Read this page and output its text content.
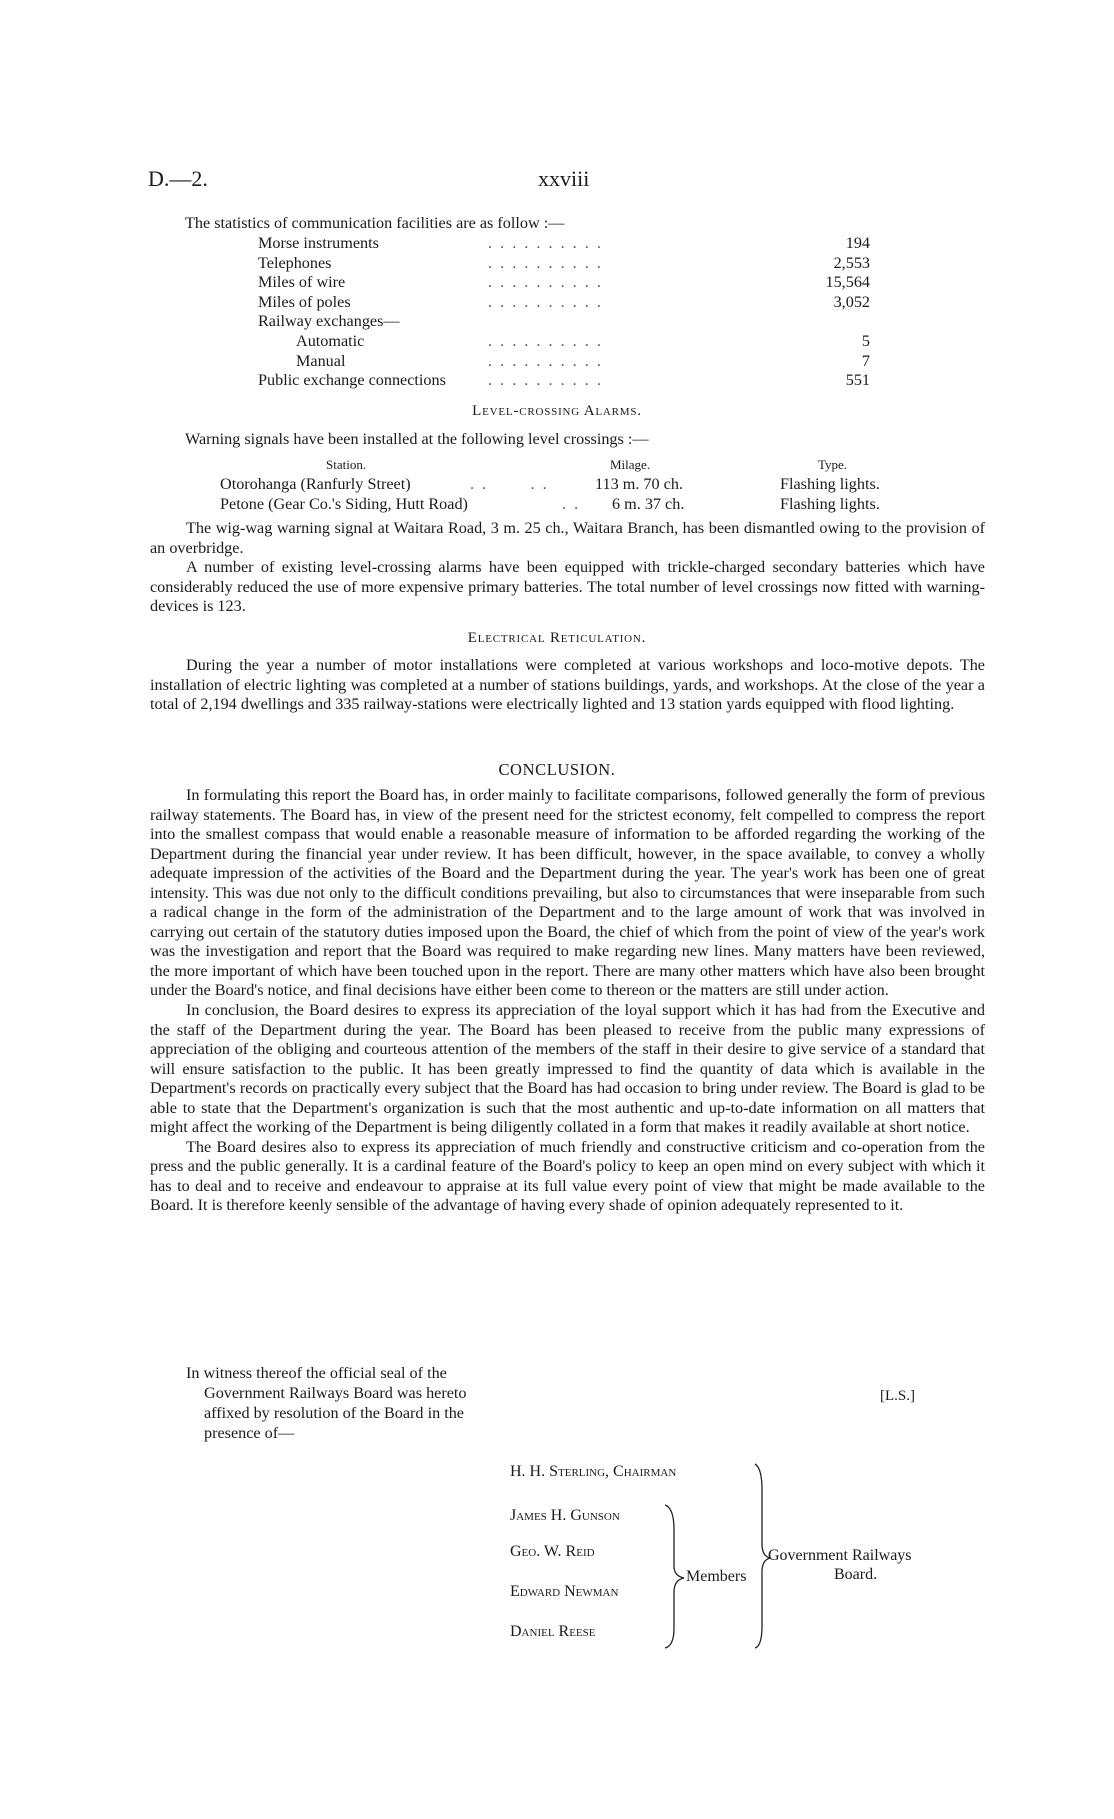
D.—2.	xxviii
The statistics of communication facilities are as follow :—
Morse instruments	. . . . . . . . . .	194
Telephones	. . . . . . . . . .	2,553
Miles of wire	. . . . . . . . . .	15,564
Miles of poles	. . . . . . . . . .	3,052
Railway exchanges—
Automatic	. . . . . . . . . .	5
Manual	. . . . . . . . . .	7
Public exchange connections	. . . . . . . . . .	551
Level-crossing Alarms.
Warning signals have been installed at the following level crossings :—
Station.	Milage.	Type.
Otorohanga (Ranfurly Street)	. .       . .	113 m. 70 ch.	Flashing lights.
Petone (Gear Co.'s Siding, Hutt Road)	. . 6 m. 37 ch.	Flashing lights.

The wig-wag warning signal at Waitara Road, 3 m. 25 ch., Waitara Branch, has been dismantled owing to the provision of an overbridge.

A number of existing level-crossing alarms have been equipped with trickle-charged secondary batteries which have considerably reduced the use of more expensive primary batteries. The total number of level crossings now fitted with warning-devices is 123.

Electrical Reticulation.

During the year a number of motor installations were completed at various workshops and loco-motive depots. The installation of electric lighting was completed at a number of stations buildings, yards, and workshops. At the close of the year a total of 2,194 dwellings and 335 railway-stations were electrically lighted and 13 station yards equipped with flood lighting.

CONCLUSION.

In formulating this report the Board has, in order mainly to facilitate comparisons, followed generally the form of previous railway statements. The Board has, in view of the present need for the strictest economy, felt compelled to compress the report into the smallest compass that would enable a reasonable measure of information to be afforded regarding the working of the Department during the financial year under review. It has been difficult, however, in the space available, to convey a wholly adequate impression of the activities of the Board and the Department during the year. The year's work has been one of great intensity. This was due not only to the difficult conditions prevailing, but also to circumstances that were inseparable from such a radical change in the form of the administration of the Department and to the large amount of work that was involved in carrying out certain of the statutory duties imposed upon the Board, the chief of which from the point of view of the year's work was the investigation and report that the Board was required to make regarding new lines. Many matters have been reviewed, the more important of which have been touched upon in the report. There are many other matters which have also been brought under the Board's notice, and final decisions have either been come to thereon or the matters are still under action.

In conclusion, the Board desires to express its appreciation of the loyal support which it has had from the Executive and the staff of the Department during the year. The Board has been pleased to receive from the public many expressions of appreciation of the obliging and courteous attention of the members of the staff in their desire to give service of a standard that will ensure satisfaction to the public. It has been greatly impressed to find the quantity of data which is available in the Department's records on practically every subject that the Board has had occasion to bring under review. The Board is glad to be able to state that the Department's organization is such that the most authentic and up-to-date information on all matters that might affect the working of the Department is being diligently collated in a form that makes it readily available at short notice.

The Board desires also to express its appreciation of much friendly and constructive criticism and co-operation from the press and the public generally. It is a cardinal feature of the Board's policy to keep an open mind on every subject with which it has to deal and to receive and endeavour to appraise at its full value every point of view that might be made available to the Board. It is therefore keenly sensible of the advantage of having every shade of opinion adequately represented to it.

In witness thereof the official seal of the
Government Railways Board was hereto
affixed by resolution of the Board in the
presence of—
[L.S.]
H. H. Sterling, Chairman
James H. Gunson
Geo. W. Reid
Edward Newman
Daniel Reese
Members
Government Railways
Board.
